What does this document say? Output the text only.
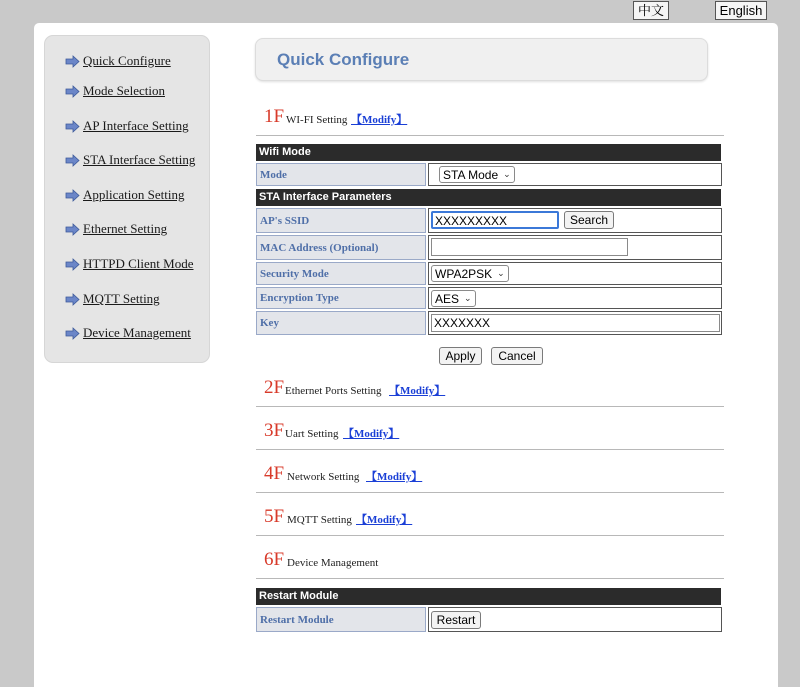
中文	English
Quick Configure
Mode Selection
AP Interface Setting
STA Interface Setting
Application Setting
Ethernet Setting
HTTPD Client Mode
MQTT Setting
Device Management
Quick Configure
1F WI-FI Setting 【Modify】
Wifi Mode
Mode	STA Mode ⌄
STA Interface Parameters
AP's SSID	XXXXXXXXX	Search
MAC Address (Optional)
Security Mode	WPA2PSK ⌄
Encryption Type	AES ⌄
Key	XXXXXXX
Apply	Cancel
2F Ethernet Ports Setting 【Modify】
3F Uart Setting 【Modify】
4F Network Setting 【Modify】
5F MQTT Setting 【Modify】
6F Device Management
Restart Module
Restart Module	Restart
